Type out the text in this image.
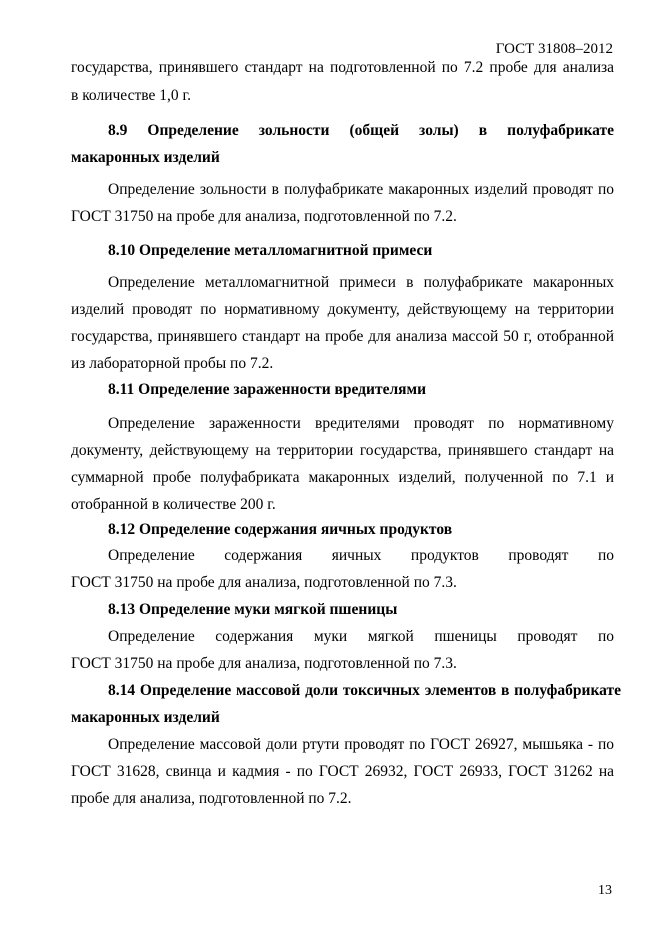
ГОСТ 31808–2012
государства, принявшего стандарт на подготовленной по 7.2 пробе для анализа
в количестве 1,0 г.
8.9 Определение зольности (общей золы) в полуфабрикате
макаронных изделий
Определение зольности в полуфабрикате макаронных изделий проводят по
ГОСТ 31750 на пробе для анализа, подготовленной по 7.2.
8.10 Определение металломагнитной примеси
Определение металломагнитной примеси в полуфабрикате макаронных
изделий проводят по нормативному документу, действующему на территории
государства, принявшего стандарт на пробе для анализа массой 50 г, отобранной
из лабораторной пробы по 7.2.
8.11 Определение зараженности вредителями
Определение зараженности вредителями проводят по нормативному
документу, действующему на территории государства, принявшего стандарт на
суммарной пробе полуфабриката макаронных изделий, полученной по 7.1 и
отобранной в количестве 200 г.
8.12 Определение содержания яичных продуктов
Определение содержания яичных продуктов проводят по
ГОСТ 31750 на пробе для анализа, подготовленной по 7.3.
8.13 Определение муки мягкой пшеницы
Определение содержания муки мягкой пшеницы проводят по
ГОСТ 31750 на пробе для анализа, подготовленной по 7.3.
8.14 Определение массовой доли токсичных элементов в полуфабрикате
макаронных изделий
Определение массовой доли ртути проводят по ГОСТ 26927, мышьяка - по
ГОСТ 31628, свинца и кадмия - по ГОСТ 26932, ГОСТ 26933, ГОСТ 31262 на
пробе для анализа, подготовленной по 7.2.
13
